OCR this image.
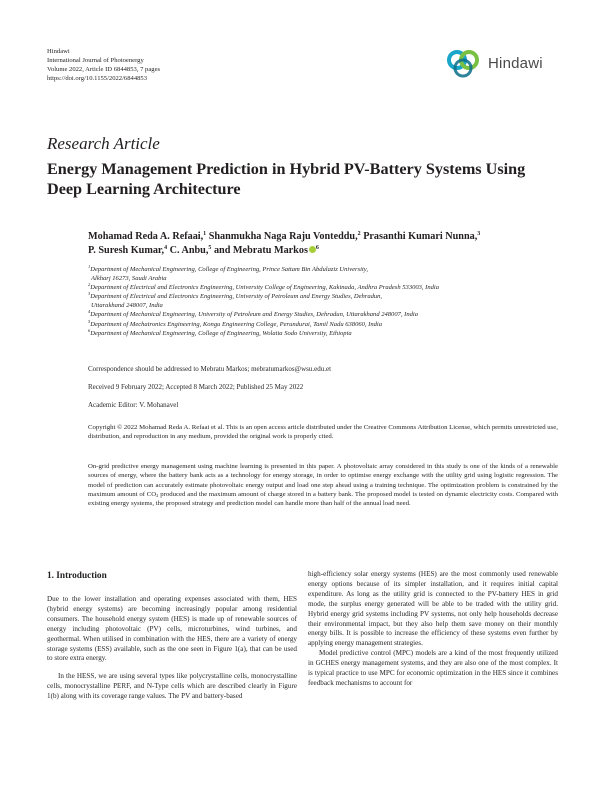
Hindawi
International Journal of Photoenergy
Volume 2022, Article ID 6844853, 7 pages
https://doi.org/10.1155/2022/6844853
Hindawi
Research Article
Energy Management Prediction in Hybrid PV-Battery Systems Using Deep Learning Architecture
Mohamad Reda A. Refaai,$^1$ Shanmukha Naga Raju Vonteddu,$^2$ Prasanthi Kumari Nunna,$^3$ P. Suresh Kumar,$^4$ C. Anbu,$^5$ and Mebratu Markos $^6$
$^1$Department of Mechanical Engineering, College of Engineering, Prince Sattam Bin Abdulaziz University,
Alkharj 16273, Saudi Arabia
$^2$Department of Electrical and Electronics Engineering, University College of Engineering, Kakinada, Andhra Pradesh 533003, India
$^3$Department of Electrical and Electronics Engineering, University of Petroleum and Energy Studies, Dehradun,
Uttarakhand 248007, India
$^4$Department of Mechanical Engineering, University of Petroleum and Energy Studies, Dehradun, Uttarakhand 248007, India
$^5$Department of Mechatronics Engineering, Kongu Engineering College, Perundurai, Tamil Nadu 638060, India
$^6$Department of Mechanical Engineering, College of Engineering, Wolaita Sodo University, Ethiopia
Correspondence should be addressed to Mebratu Markos; mebratumarkos@wsu.edu.et
Received 9 February 2022; Accepted 8 March 2022; Published 25 May 2022
Academic Editor: V. Mohanavel
Copyright © 2022 Mohamad Reda A. Refaai et al. This is an open access article distributed under the Creative Commons Attribution License, which permits unrestricted use, distribution, and reproduction in any medium, provided the original work is properly cited.
On-grid predictive energy management using machine learning is presented in this paper. A photovoltaic array considered in this study is one of the kinds of a renewable sources of energy, where the battery bank acts as a technology for energy storage, in order to optimise energy exchange with the utility grid using logistic regression. The model of prediction can accurately estimate photovoltaic energy output and load one step ahead using a training technique. The optimization problem is constrained by the maximum amount of $CO_2$ produced and the maximum amount of charge stored in a battery bank. The proposed model is tested on dynamic electricity costs. Compared with existing energy systems, the proposed strategy and prediction model can handle more than half of the annual load need.
1. Introduction

Due to the lower installation and operating expenses associated with them, HES (hybrid energy systems) are becoming increasingly popular among residential consumers. The household energy system (HES) is made up of renewable sources of energy including photovoltaic (PV) cells, microturbines, wind turbines, and geothermal. When utilised in combination with the HES, there are a variety of energy storage systems (ESS) available, such as the one seen in Figure 1(a), that can be used to store extra energy.

In the HESS, we are using several types like polycrystalline cells, monocrystalline cells, monocrystalline PERF, and N-Type cells which are described clearly in Figure 1(b) along with its coverage range values. The PV and battery-based

high-efficiency solar energy systems (HES) are the most commonly used renewable energy options because of its simpler installation, and it requires initial capital expenditure. As long as the utility grid is connected to the PV-battery HES in grid mode, the surplus energy generated will be able to be traded with the utility grid. Hybrid energy grid systems including PV systems, not only help households decrease their environmental impact, but they also help them save money on their monthly energy bills. It is possible to increase the efficiency of these systems even further by applying energy management strategies.

Model predictive control (MPC) models are a kind of the most frequently utilized in GCHES energy management systems, and they are also one of the most complex. It is typical practice to use MPC for economic optimization in the HES since it combines feedback mechanisms to account for
